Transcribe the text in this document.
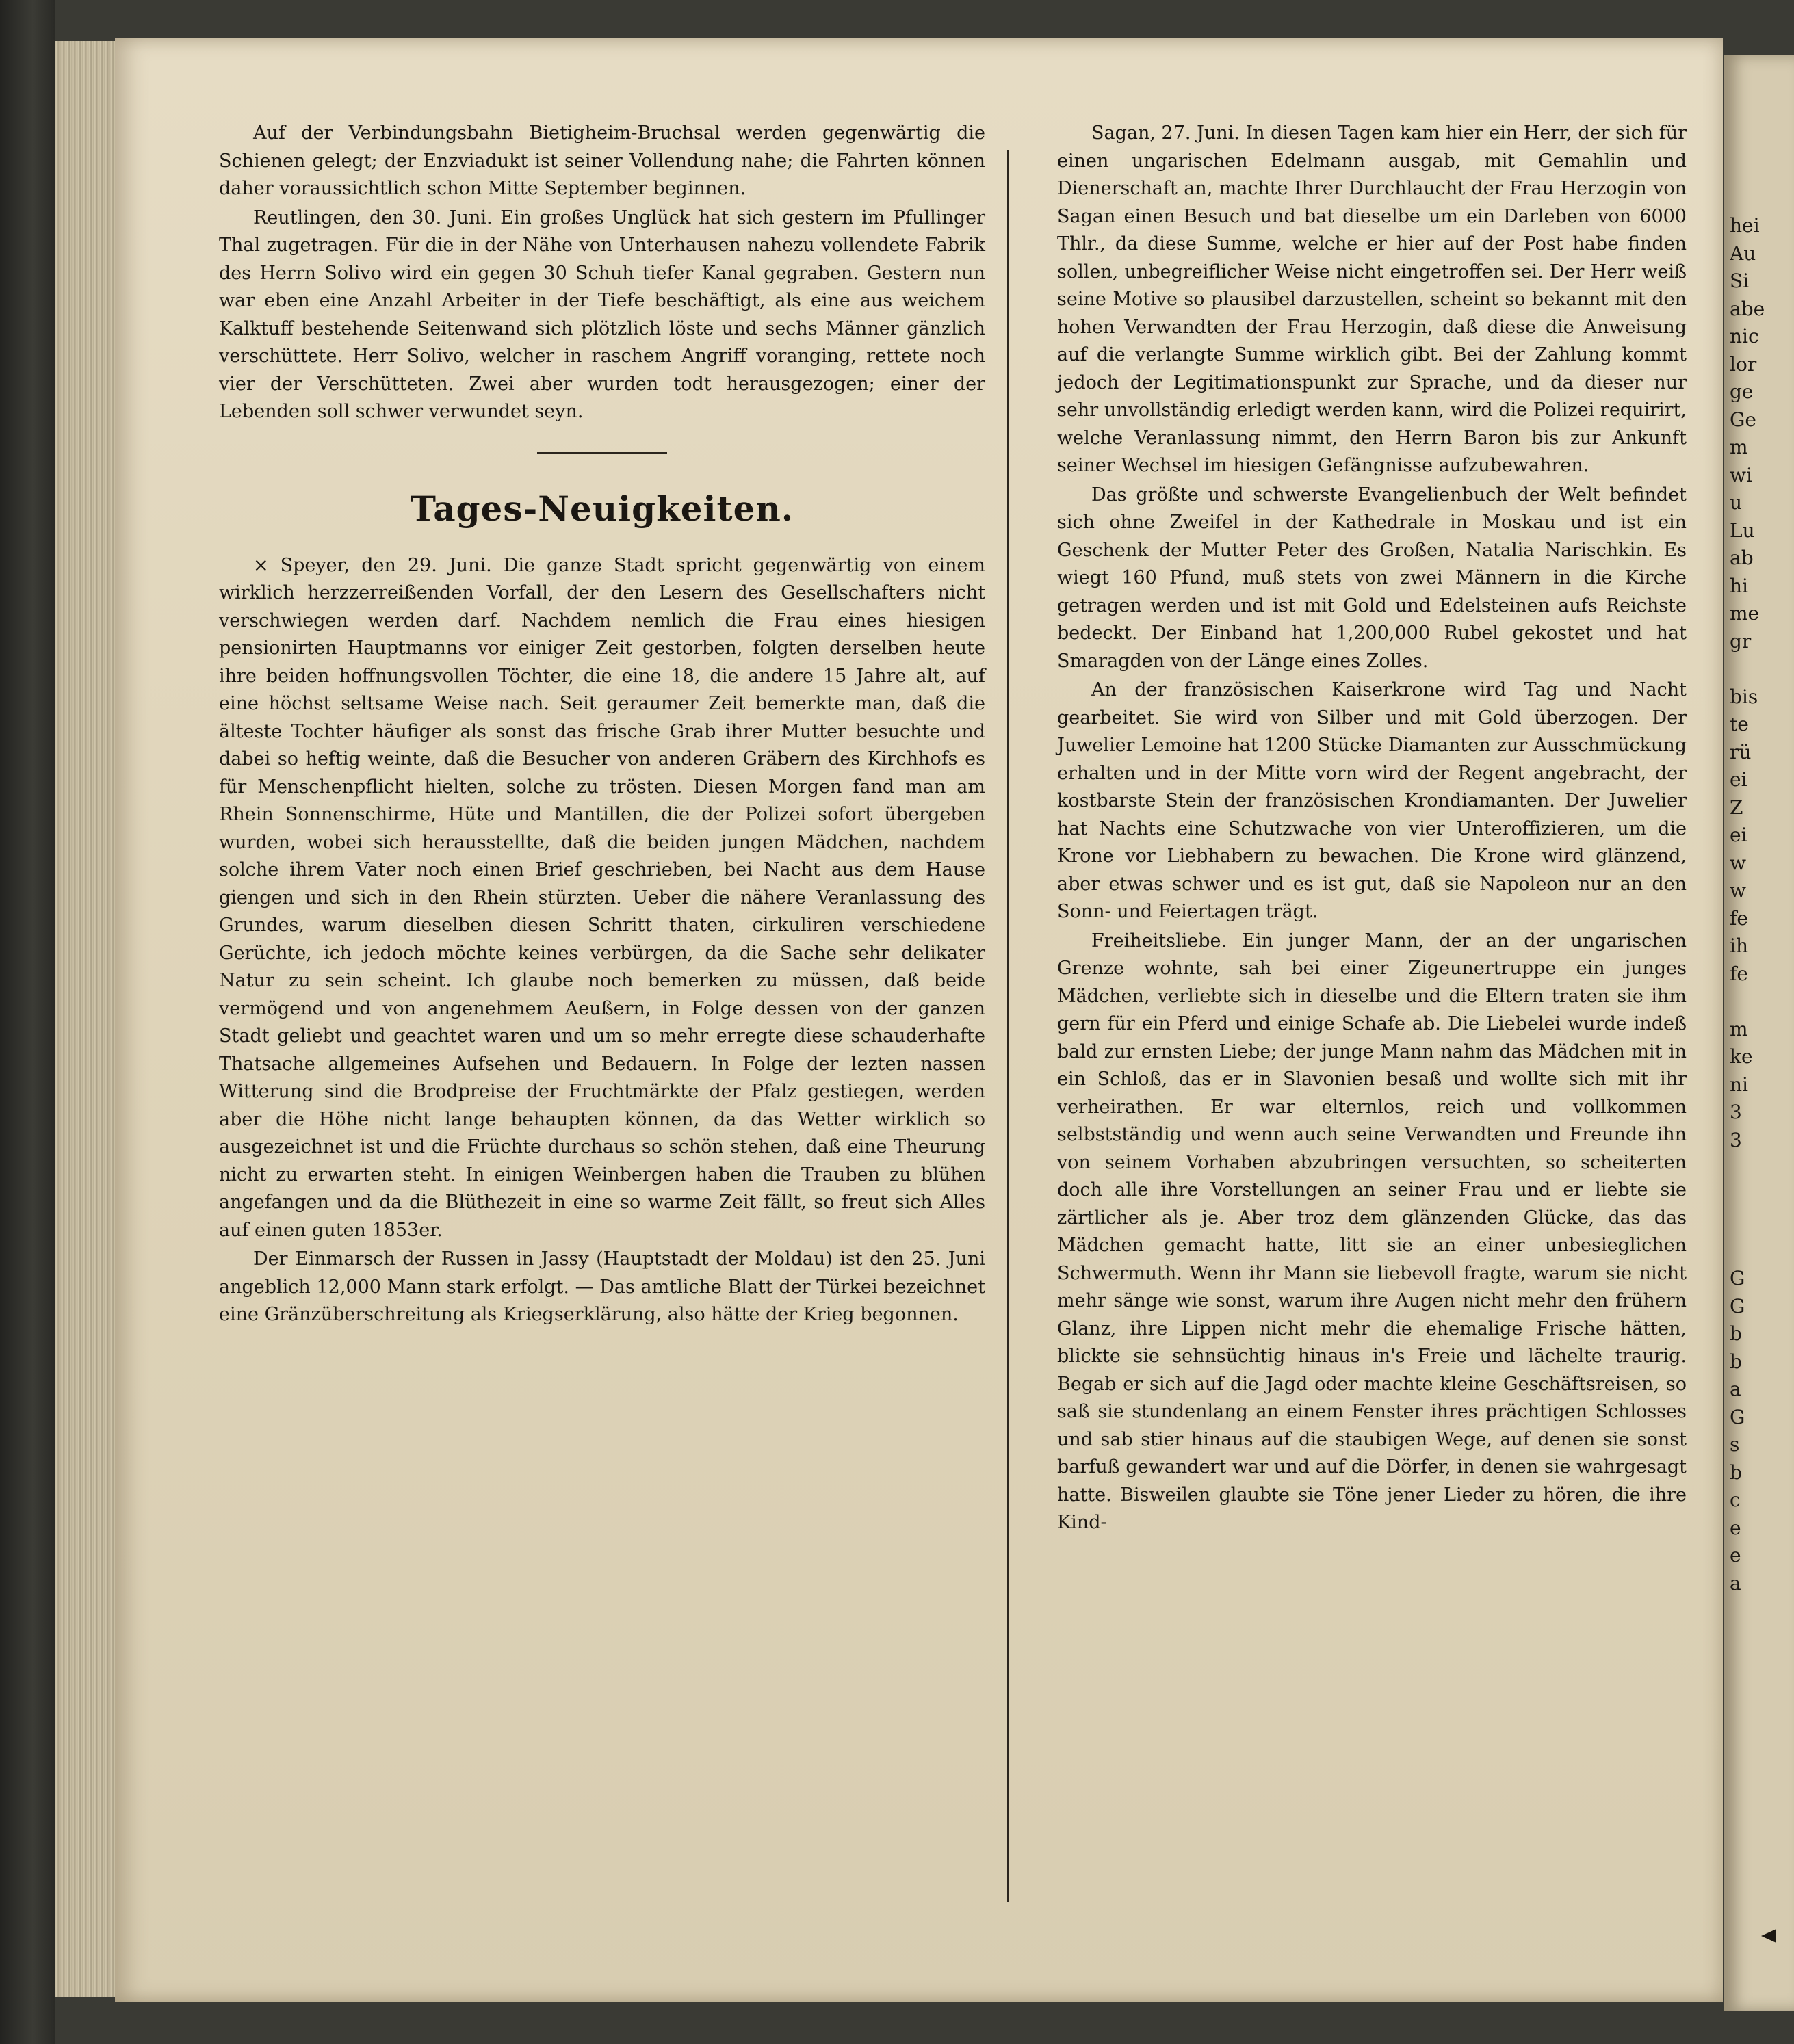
Auf der Verbindungsbahn Bietigheim-Bruchsal werden gegenwärtig die Schienen gelegt; der Enzviadukt ist seiner Vollendung nahe; die Fahrten können daher voraussichtlich schon Mitte September beginnen.

Reutlingen, den 30. Juni. Ein großes Unglück hat sich gestern im Pfullinger Thal zugetragen. Für die in der Nähe von Unterhausen nahezu vollendete Fabrik des Herrn Solivo wird ein gegen 30 Schuh tiefer Kanal gegraben. Gestern nun war eben eine Anzahl Arbeiter in der Tiefe beschäftigt, als eine aus weichem Kalktuff bestehende Seitenwand sich plötzlich löste und sechs Männer gänzlich verschüttete. Herr Solivo, welcher in raschem Angriff voranging, rettete noch vier der Verschütteten. Zwei aber wurden todt herausgezogen; einer der Lebenden soll schwer verwundet seyn.

Tages-Neuigkeiten.

× Speyer, den 29. Juni. Die ganze Stadt spricht gegenwärtig von einem wirklich herzzerreißenden Vorfall, der den Lesern des Gesellschafters nicht verschwiegen werden darf. Nachdem nemlich die Frau eines hiesigen pensionirten Hauptmanns vor einiger Zeit gestorben, folgten derselben heute ihre beiden hoffnungsvollen Töchter, die eine 18, die andere 15 Jahre alt, auf eine höchst seltsame Weise nach. Seit geraumer Zeit bemerkte man, daß die älteste Tochter häufiger als sonst das frische Grab ihrer Mutter besuchte und dabei so heftig weinte, daß die Besucher von anderen Gräbern des Kirchhofs es für Menschenpflicht hielten, solche zu trösten. Diesen Morgen fand man am Rhein Sonnenschirme, Hüte und Mantillen, die der Polizei sofort übergeben wurden, wobei sich herausstellte, daß die beiden jungen Mädchen, nachdem solche ihrem Vater noch einen Brief geschrieben, bei Nacht aus dem Hause giengen und sich in den Rhein stürzten. Ueber die nähere Veranlassung des Grundes, warum dieselben diesen Schritt thaten, cirkuliren verschiedene Gerüchte, ich jedoch möchte keines verbürgen, da die Sache sehr delikater Natur zu sein scheint. Ich glaube noch bemerken zu müssen, daß beide vermögend und von angenehmem Aeußern, in Folge dessen von der ganzen Stadt geliebt und geachtet waren und um so mehr erregte diese schauderhafte Thatsache allgemeines Aufsehen und Bedauern. In Folge der lezten nassen Witterung sind die Brodpreise der Fruchtmärkte der Pfalz gestiegen, werden aber die Höhe nicht lange behaupten können, da das Wetter wirklich so ausgezeichnet ist und die Früchte durchaus so schön stehen, daß eine Theurung nicht zu erwarten steht. In einigen Weinbergen haben die Trauben zu blühen angefangen und da die Blüthezeit in eine so warme Zeit fällt, so freut sich Alles auf einen guten 1853er.

Der Einmarsch der Russen in Jassy (Hauptstadt der Moldau) ist den 25. Juni angeblich 12,000 Mann stark erfolgt. — Das amtliche Blatt der Türkei bezeichnet eine Gränzüberschreitung als Kriegserklärung, also hätte der Krieg begonnen.

Sagan, 27. Juni. In diesen Tagen kam hier ein Herr, der sich für einen ungarischen Edelmann ausgab, mit Gemahlin und Dienerschaft an, machte Ihrer Durchlaucht der Frau Herzogin von Sagan einen Besuch und bat dieselbe um ein Darleben von 6000 Thlr., da diese Summe, welche er hier auf der Post habe finden sollen, unbegreiflicher Weise nicht eingetroffen sei. Der Herr weiß seine Motive so plausibel darzustellen, scheint so bekannt mit den hohen Verwandten der Frau Herzogin, daß diese die Anweisung auf die verlangte Summe wirklich gibt. Bei der Zahlung kommt jedoch der Legitimationspunkt zur Sprache, und da dieser nur sehr unvollständig erledigt werden kann, wird die Polizei requirirt, welche Veranlassung nimmt, den Herrn Baron bis zur Ankunft seiner Wechsel im hiesigen Gefängnisse aufzubewahren.

Das größte und schwerste Evangelienbuch der Welt befindet sich ohne Zweifel in der Kathedrale in Moskau und ist ein Geschenk der Mutter Peter des Großen, Natalia Narischkin. Es wiegt 160 Pfund, muß stets von zwei Männern in die Kirche getragen werden und ist mit Gold und Edelsteinen aufs Reichste bedeckt. Der Einband hat 1,200,000 Rubel gekostet und hat Smaragden von der Länge eines Zolles.

An der französischen Kaiserkrone wird Tag und Nacht gearbeitet. Sie wird von Silber und mit Gold überzogen. Der Juwelier Lemoine hat 1200 Stücke Diamanten zur Ausschmückung erhalten und in der Mitte vorn wird der Regent angebracht, der kostbarste Stein der französischen Krondiamanten. Der Juwelier hat Nachts eine Schutzwache von vier Unteroffizieren, um die Krone vor Liebhabern zu bewachen. Die Krone wird glänzend, aber etwas schwer und es ist gut, daß sie Napoleon nur an den Sonn- und Feiertagen trägt.

Freiheitsliebe. Ein junger Mann, der an der ungarischen Grenze wohnte, sah bei einer Zigeunertruppe ein junges Mädchen, verliebte sich in dieselbe und die Eltern traten sie ihm gern für ein Pferd und einige Schafe ab. Die Liebelei wurde indeß bald zur ernsten Liebe; der junge Mann nahm das Mädchen mit in ein Schloß, das er in Slavonien besaß und wollte sich mit ihr verheirathen. Er war elternlos, reich und vollkommen selbstständig und wenn auch seine Verwandten und Freunde ihn von seinem Vorhaben abzubringen versuchten, so scheiterten doch alle ihre Vorstellungen an seiner Frau und er liebte sie zärtlicher als je. Aber troz dem glänzenden Glücke, das das Mädchen gemacht hatte, litt sie an einer unbesieglichen Schwermuth. Wenn ihr Mann sie liebevoll fragte, warum sie nicht mehr sänge wie sonst, warum ihre Augen nicht mehr den frühern Glanz, ihre Lippen nicht mehr die ehemalige Frische hätten, blickte sie sehnsüchtig hinaus in's Freie und lächelte traurig. Begab er sich auf die Jagd oder machte kleine Geschäftsreisen, so saß sie stundenlang an einem Fenster ihres prächtigen Schlosses und sab stier hinaus auf die staubigen Wege, auf denen sie sonst barfuß gewandert war und auf die Dörfer, in denen sie wahrgesagt hatte. Bisweilen glaubte sie Töne jener Lieder zu hören, die ihre Kind-

hei
Au
Si
abe
nic
lor
ge
Ge
m
wi
u
Lu
ab
hi
me
gr

bis
te
rü
ei
Z
ei
w
w
fe
ih
fe

m
ke
ni
3
3

G
G
b
b
a
G
s
b
c
e
e
a
